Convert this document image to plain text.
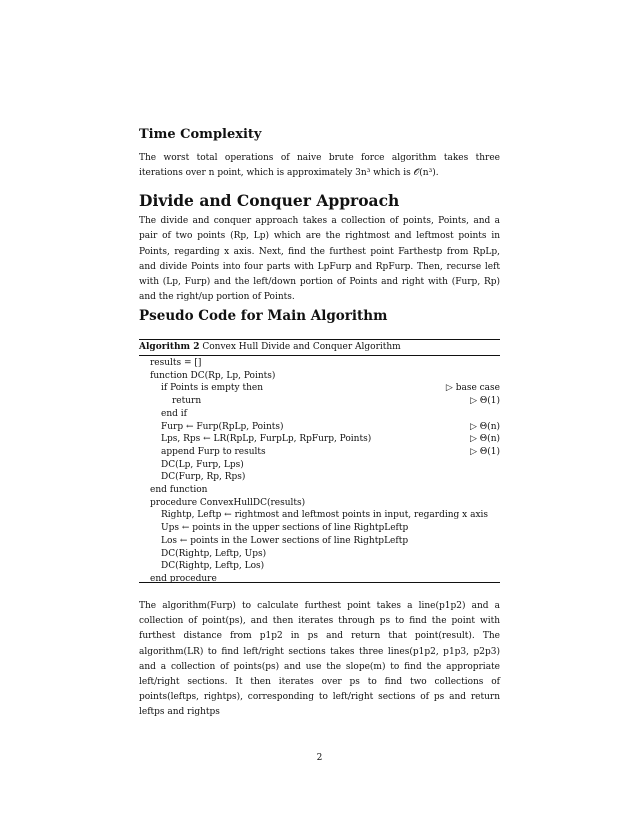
Time Complexity
The worst total operations of naive brute force algorithm takes three iterations over n point, which is approximately 3n³ which is 𝒪(n³).
Divide and Conquer Approach
The divide and conquer approach takes a collection of points, Points, and a pair of two points (Rp, Lp) which are the rightmost and leftmost points in Points, regarding x axis. Next, find the furthest point Farthestp from RpLp, and divide Points into four parts with LpFurp and RpFurp. Then, recurse left with (Lp, Furp) and the left/down portion of Points and right with (Furp, Rp) and the right/up portion of Points.
Pseudo Code for Main Algorithm
Algorithm 2 Convex Hull Divide and Conquer Algorithm
results = []
function DC(Rp, Lp, Points)
if Points is empty then	▷ base case
return	▷ Θ(1)
end if
Furp ← Furp(RpLp, Points)	▷ Θ(n)
Lps, Rps ← LR(RpLp, FurpLp, RpFurp, Points)	▷ Θ(n)
append Furp to results	▷ Θ(1)
DC(Lp, Furp, Lps)
DC(Furp, Rp, Rps)
end function
procedure ConvexHullDC(results)
Rightp, Leftp ← rightmost and leftmost points in input, regarding x axis
Ups ← points in the upper sections of line RightpLeftp
Los ← points in the Lower sections of line RightpLeftp
DC(Rightp, Leftp, Ups)
DC(Rightp, Leftp, Los)
end procedure
The algorithm(Furp) to calculate furthest point takes a line(p1p2) and a collection of point(ps), and then iterates through ps to find the point with furthest distance from p1p2 in ps and return that point(result). The algorithm(LR) to find left/right sections takes three lines(p1p2, p1p3, p2p3) and a collection of points(ps) and use the slope(m) to find the appropriate left/right sections. It then iterates over ps to find two collections of points(leftps, rightps), corresponding to left/right sections of ps and return leftps and rightps
2
